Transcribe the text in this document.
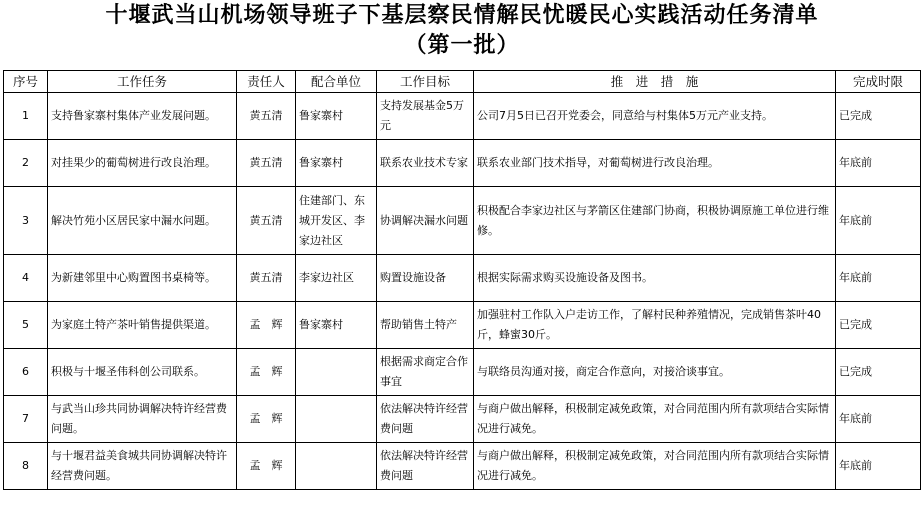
十堰武当山机场领导班子下基层察民情解民忧暖民心实践活动任务清单
（第一批）
序号	工作任务	责任人	配合单位	工作目标	推　进　措　施	完成时限
1	支持鲁家寨村集体产业发展问题。	黄五清	鲁家寨村	支持发展基金5万元	公司7月5日已召开党委会，同意给与村集体5万元产业支持。	已完成
2	对挂果少的葡萄树进行改良治理。	黄五清	鲁家寨村	联系农业技术专家	联系农业部门技术指导，对葡萄树进行改良治理。	年底前
3	解决竹苑小区居民家中漏水问题。	黄五清	住建部门、东城开发区、李家边社区	协调解决漏水问题	积极配合李家边社区与茅箭区住建部门协商，积极协调原施工单位进行维修。	年底前
4	为新建邻里中心购置图书桌椅等。	黄五清	李家边社区	购置设施设备	根据实际需求购买设施设备及图书。	年底前
5	为家庭土特产茶叶销售提供渠道。	孟　辉	鲁家寨村	帮助销售土特产	加强驻村工作队入户走访工作，了解村民种养殖情况，完成销售茶叶40斤，蜂蜜30斤。	已完成
6	积极与十堰圣伟科创公司联系。	孟　辉		根据需求商定合作事宜	与联络员沟通对接，商定合作意向，对接洽谈事宜。	已完成
7	与武当山珍共同协调解决特许经营费问题。	孟　辉		依法解决特许经营费问题	与商户做出解释，积极制定减免政策，对合同范围内所有款项结合实际情况进行减免。	年底前
8	与十堰君益美食城共同协调解决特许经营费问题。	孟　辉		依法解决特许经营费问题	与商户做出解释，积极制定减免政策，对合同范围内所有款项结合实际情况进行减免。	年底前
